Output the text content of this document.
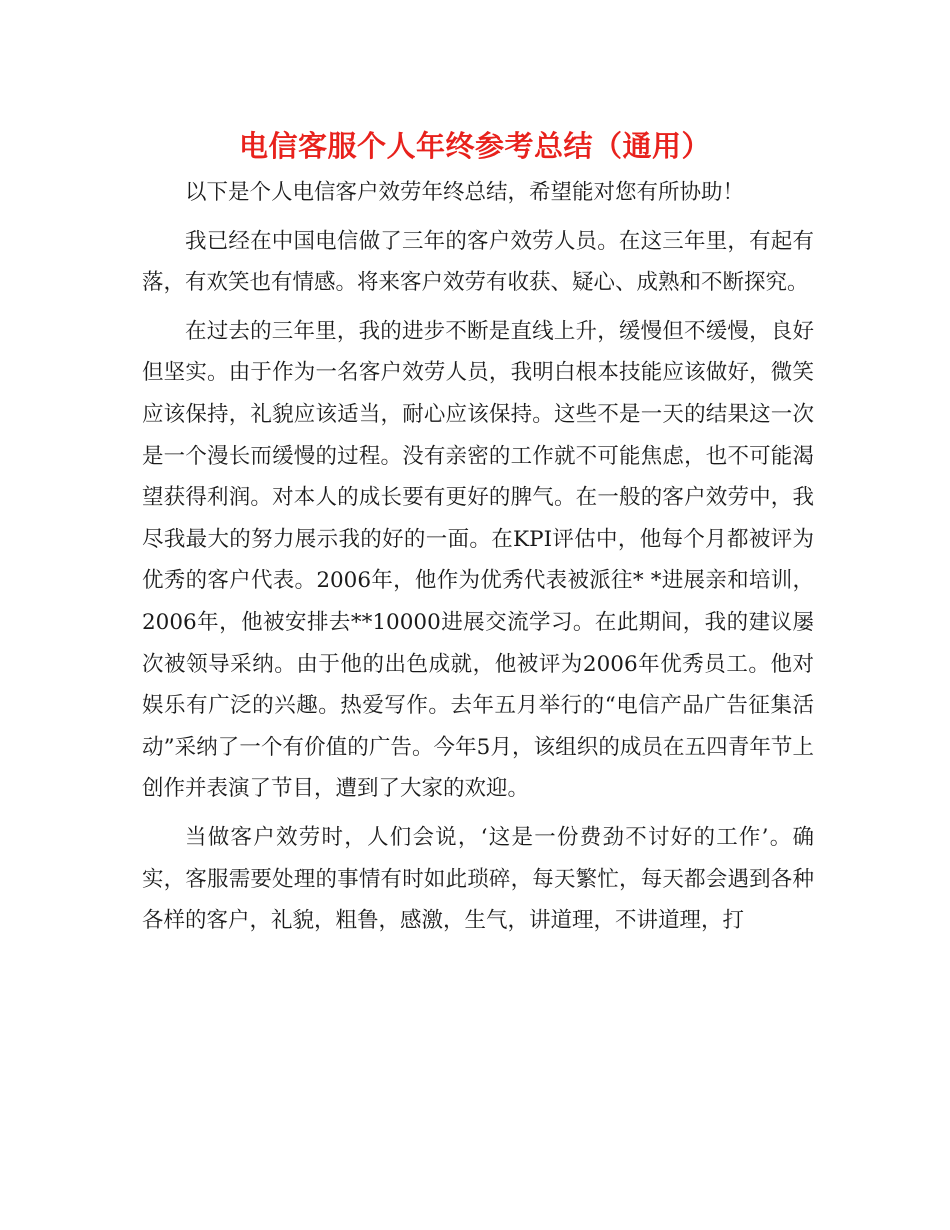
电信客服个人年终参考总结（通用）

以下是个人电信客户效劳年终总结，希望能对您有所协助！

我已经在中国电信做了三年的客户效劳人员。在这三年里，有起有落，有欢笑也有情感。将来客户效劳有收获、疑心、成熟和不断探究。

在过去的三年里，我的进步不断是直线上升，缓慢但不缓慢，良好但坚实。由于作为一名客户效劳人员，我明白根本技能应该做好，微笑应该保持，礼貌应该适当，耐心应该保持。这些不是一天的结果这一次是一个漫长而缓慢的过程。没有亲密的工作就不可能焦虑，也不可能渴望获得利润。对本人的成长要有更好的脾气。在一般的客户效劳中，我尽我最大的努力展示我的好的一面。在KPI评估中，他每个月都被评为优秀的客户代表。2006年，他作为优秀代表被派往* *进展亲和培训，2006年，他被安排去**10000进展交流学习。在此期间，我的建议屡次被领导采纳。由于他的出色成就，他被评为2006年优秀员工。他对娱乐有广泛的兴趣。热爱写作。去年五月举行的“电信产品广告征集活动”采纳了一个有价值的广告。今年5月，该组织的成员在五四青年节上创作并表演了节目，遭到了大家的欢迎。

当做客户效劳时，人们会说，‘这是一份费劲不讨好的工作’。确实，客服需要处理的事情有时如此琐碎，每天繁忙，每天都会遇到各种各样的客户，礼貌，粗鲁，感激，生气，讲道理，不讲道理，打
